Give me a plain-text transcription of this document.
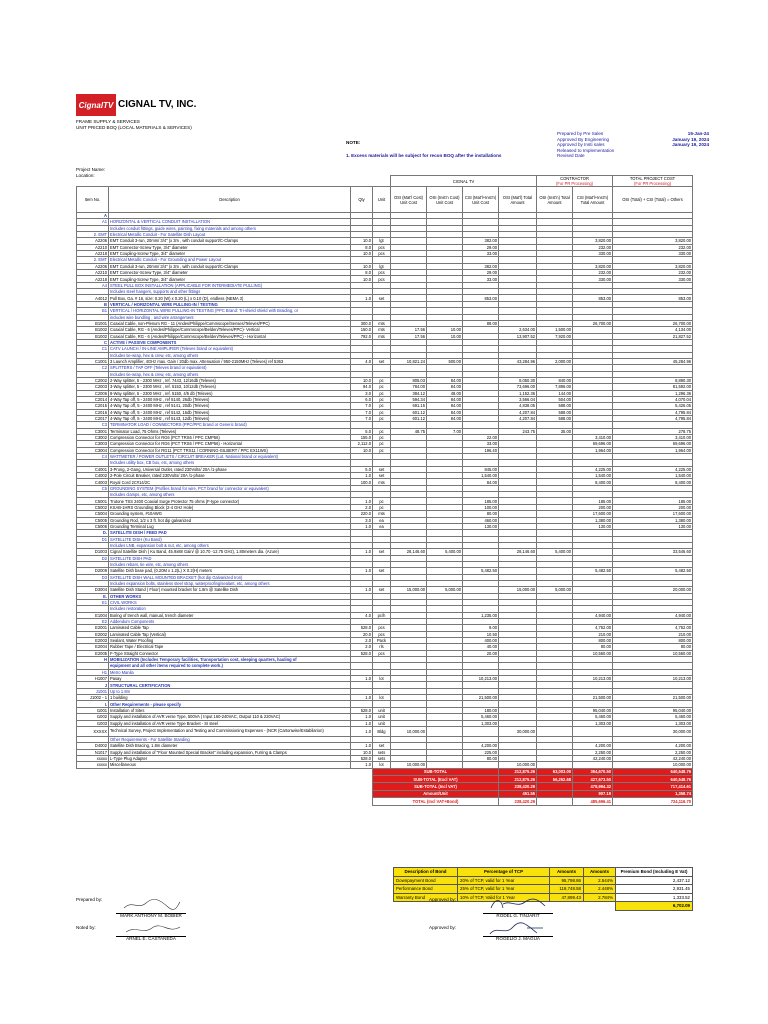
CignalTV CIGNAL TV, INC.
FRAME SUPPLY & SERVICES
UNIT PRICED BOQ (LOCAL MATERIALS & SERVICES)
NOTE:
1. Excess materials will be subject for recon BOQ after the installations
Prepared by Pre Sales	15-Jan-24
Approved By Engineering	January 19, 2024
Approved by Insti sales	January 19, 2024
Released to Implementation
Revised Date
Project Name:
Location:
				CIGNAL TV				CONTRACTOR
(For PR Processing)		TOTAL PROJECT COST
(For PR Processing)
Item No.	Description	Qty	Unit	OSI (Mat'l Cost) Unit Cost	OSI (Inst'n Cost) Unit Cost	CSI (Mat'l+Inst'n) Unit Cost	OSI (Mat'l) Total Amount	OSI (Inst'n) Total Amount	CSI (Mat'l+Inst'n) Total Amount	OSI (Total) + CSI (Total) = Others
A										
A1	HORIZONTAL & VERTICAL CONDUIT INSTALLATION									
	Includes conduit fittings, guide wires, painting, fixing materials and among others									
2. EMT	Electrical Metallic Conduit - For Satellite Dish Layout									
A2206	EMT Conduit 3-run, 20mm/ 3/4" (x 3m , with conduit support/C-Clamps	10.0	lgt			382.00			3,820.00	3,820.00
A2210	EMT Connector-Screw Type, 3/4" diameter	8.0	pcs			29.00			232.00	232.00
A2218	EMT Coupling-Screw Type, 3/4" diameter	10.0	pcs			33.00			330.00	330.00
2. EMT	Electrical Metallic Conduit - For Grounding and Power Layout									
A2206	EMT Conduit 3-run, 20mm/ 3/4" (x 3m , with conduit support/C-Clamps	10.0	lgt			382.00			3,820.00	3,820.00
A2210	EMT Connector-Screw Type, 3/4" diameter	8.0	pcs			29.00			232.00	232.00
A2218	EMT Coupling-Screw Type, 3/4" diameter	10.0	pcs			33.00			330.00	330.00
A4	STEEL PULL BOX INSTALLATION (APPLICABLE FOR INTERMEDIATE PULLING)									
	Includes steel hangers, supports and other fittings									
A4012	Pull Box, Ga. # 16, size: 0.20 (W) x 0.20 (L) x 0.10 (D), endless (NEMA 3)	1.0	set			853.00			853.00	853.00
B	VERTICAL / HORIZONTAL WIRE PULLING-IN / TESTING									
B1	VERTICAL / HORIZONTAL WIRE PULLING-IN TESTING (PPC Brand: Tri-shield shield with Braiding, or									
	includes wire bundling , and wire arrangement									
B1001	Coaxial Cable, non-Plenum RG - 11 (Andes/Philippe/Commscope/Senses/Televes/PPC)	300.0	mts			89.00			26,700.00	26,700.00
B1002	Coaxial Cable, RG - 6 (Andes/Philippe/Commscope/Belden/Televes/PPC)- Vertical	150.0	mts	17.56	10.00		2,634.00	1,500.00		4,134.00
B1002	Coaxial Cable, RG - 6 (Andes/Philippe/Commscope/Belden/Televes/PPC) - Horizontal	792.0	mts	17.56	10.00		13,907.52	7,920.00		21,827.52
C	ACTIVE / PASSIVE COMPONENTS									
C1	CATV LAUNCH / IN-LINE AMPLIFIER (Televes brand or equivalent)									
	Includes tie-wrap, hex & crew, etc, among others									
C1001	3 Launch Amplifier, 4GHz max. Gain / 20db max. Attenuation / 950-2150MHz (Televes) ref 5363	4.0	set	10,821.24	500.00		43,284.96	2,000.00		45,284.96
C2	SPLITTERS / TAP OFF (Televes brand or equivalent)									
	Includes tie-wrap, hex & crew, etc, among others									
C2002	2-Way splitter, 5 - 2300 MHz , ref. 7443, 12/16db (Televes)	10.0	pc	805.03	84.00		8,050.30	840.00		8,890.30
C2003	3-Way splitter, 5 - 2300 MHz , ref. 5153, 10/12db (Televes)	94.0	pc	784.00	84.00		73,696.00	7,896.00		81,592.00
C2006	8-Way splitter, 5 - 2300 MHz , ref. 5150, 4/5 db (Televes)	3.0	pc	384.12	48.00		1,152.36	144.00		1,296.36
C2014	4-Way Tap off, 5 - 2400 MHz , ref 5140, 26db (Televes)	6.0	pc	594.34	84.00		3,566.04	504.00		4,070.04
C2015	4-Way Tap off, 5 - 2400 MHz , ref 5141, 20db (Televes)	7.0	pc	691.15	84.00		4,838.05	588.00		5,426.05
C2016	4-Way Tap off, 5 - 2400 MHz , ref 5142, 16db (Televes)	7.0	pc	601.12	84.00		4,207.84	588.00		4,795.84
C2017	4-Way Tap off, 5 - 2400 MHz , ref 5143, 12db (Televes)	7.0	pc	601.12	84.00		4,207.84	588.00		4,795.84
C3	TERMINATOR LOAD / CONNECTORS (PPC/PPC brand or Generic brand)									
C3001	Terminator Load, 75 Ohms (Televes)	5.0	pc	48.75	7.00		243.75	35.00		278.75
C3002	Compression Connector for RG6 (PCT TRS6 / PPC CMP56)	155.0	pc			22.00			3,410.00	3,410.00
C3003	Compression Connector for RG6 (PCT TRS6 / PPC CMP56) - Horizontal	2,112.0	pc			33.00			69,696.00	69,696.00
C3004	Compression Connector for RG11 (PCT TRS11 / CORNING-GILBERT / PPC EX11WS)	10.0	pc			196.40			1,964.00	1,964.00
C4	WATTMETER / POWER OUTLETS / CIRCUIT BREAKER (Lot. National brand or equivalent)									
	Includes utility box, CB box, etc, among others									
C4001	3-Prong, 2-Gang, Universal Outlet, rated 230Volts/ 20A /1-phase	5.0	set			845.00			4,225.00	4,225.00
C4002	2-Pole Circuit Breaker, rated 230Volts/ 20A /1-phase	1.0	set			1,540.00			1,540.00	1,540.00
C4003	Royal Cord 2C#14/2C	100.0	mts			84.00			8,400.00	8,400.00
C5	GROUNDING SYSTEM (Profiles brand for wire, PCT brand for connector or equivalent)									
	Includes clamps, etc, among others									
C5001	Trutone TSS 2400 Coaxial Surge Protector 75 ohms (F-type connector)	1.0	pc			185.00			185.00	185.00
C5002	KSAB-1HRS Grounding Block (2-4 GHz Hole)	2.0	pc			100.00			200.00	200.00
C5004	Grounding system, #10AWG	220.0	mts			80.00			17,600.00	17,600.00
C5005	Grounding Rod, 1/2 x 3 ft. hot dip galvanized	3.0	ea			460.00			1,380.00	1,380.00
C5006	Grounding Terminal Lug	1.0	ea			130.00			130.00	130.00
D.	SATELLITE DISH / FEED PAD									
D1	SATELLITE DISH (Ku Band)									
	Includes LNB, expansion bolt & nut, etc, among others									
D1003	Cignal Satellite Dish ( Ku Band, 45.9x88 Gain/ @ 10.70 -12.75 GHz), 1.80meters dia. (Azure)	1.0	set	28,146.60	5,400.00		28,146.60	5,400.00		33,546.60
D2	SATELLITE DISH PAD									
	Includes rebars, tie wire, etc, among others									
D2009	Satellite Dish base pad, (0.20M x 1.2(L) X 0.2(H) meters	1.0	set			5,482.50			5,482.50	5,482.50
D3	SATELLITE DISH WALL MOUNTED BRACKET (hot dip Galvanized Iron)									
	Includes expansion bolts, stainless steel strap, waterproofing/sealant, etc, among others									
D3004	Satellite Dish Stand ( Floor) mounted bracket for 1.8m @ Satellite Dish	1.0	set	15,000.00	5,000.00		15,000.00	5,000.00		20,000.00
E.	OTHER WORKS									
E1	CIVIL WORKS									
	Includes restoration									
E1004	Boring of trench wall, manual, trench diameter	4.0	pc/h			1,235.00			4,940.00	4,940.00
E2	Addendum Components									
E2001	Laminated Cable Tap	528.0	pcs			9.00			4,752.00	4,752.00
E2002	Laminated Cable Tap (Vertical)	20.0	pcs			10.50			210.00	210.00
E2003	Sealant, Water Proofing	2.0	Pack			400.00			800.00	800.00
E2004	Rubber Tape / Electrical Tape	2.0	rls			40.00			80.00	80.00
E2005	F-Type Straight Connector	528.0	pcs			20.00			10,560.00	10,560.00
H	MOBILIZATION (Includes Temporary facilities, Transportation cost, sleeping quarters, hauling of									
	equipment and all other items required to complete work.)									
H1	Metro Manila									
H1007	Pasay	1.0	lot			10,213.00			10,213.00	10,213.00
J	STRUCTURAL CERTIFICATION									
J1001	Up to 1.8m									
J1002 - 1	1 building	1.0	lot			21,500.00			21,500.00	21,500.00
I.	Other Requirements - please specify									
I1001	Installation of Sites	528.0	unit			180.00			95,040.00	95,040.00
I1002	Supply and installation of AVR verse Type, 500VA ( Input 160-240VAC, Output 110 & 220VAC)	1.0	unit			5,460.00			5,460.00	5,460.00
I1003	Supply and installation of AVR verse Type Bracket - SI steel	1.0	unit			1,303.00			1,303.00	1,303.00
XXXXX	Technical Survey, Project Implementation and Testing and Commissioning Expenses - (NCR (Cartonwise/Estabilarion)	1.0	Bldg	10,000.00			30,000.00			30,000.00
	Other Requirements - For Satellite Standing									
D4002	Satellite Dish Bracing, 1.8m diameter	1.0	set			4,200.00			4,200.00	4,200.00
N1017	Supply and installation of "Floor Mounted Special Bracket" including expansion, Furring & Clamps	10.0	sets			225.00			2,250.00	2,250.00
xxxxx	L-Type Plug Adapter	528.0	sets			80.00			42,240.00	42,240.00
xxxxx	Miscellaneous	1.0	lot	10,000.00			10,000.00			10,000.00
			SUB-TOTAL				212,875.26	63,003.00	364,670.50	640,548.76
			SUB-TOTAL (Excl VAT)				212,875.26	56,252.68	427,673.50	640,548.76
			SUB-TOTAL (Incl VAT)				238,420.29		478,994.32	717,414.61
			Amount/Unit				451.55		907.19	1,358.74
			TOTAL (Incl VAT+Bond)				238,420.29		485,696.41	724,116.70
Description of Bond	Percentage of TCP	Amounts	Amounts	Premium Bond (Including E Vat)
Downpayment Bond	20% of TCP, valid for 1 Year	95,798.86	2.544%	2,437.12
Performance Bond	25% of TCP, valid for 1 Year	119,748.58	2.448%	2,931.45
Warranty Bond	10% of TCP, Valid for 1 Year	47,899.43	2.784%	1,333.52
				6,702.09
Prepared by:
Noted by:
Approved by:
Approved by:
MARK ANTHONY M. BOBIER
ARNEL E. CASTAÑEDA
RODEL G. TINJARIT
ROGELIO J. MAGUA
